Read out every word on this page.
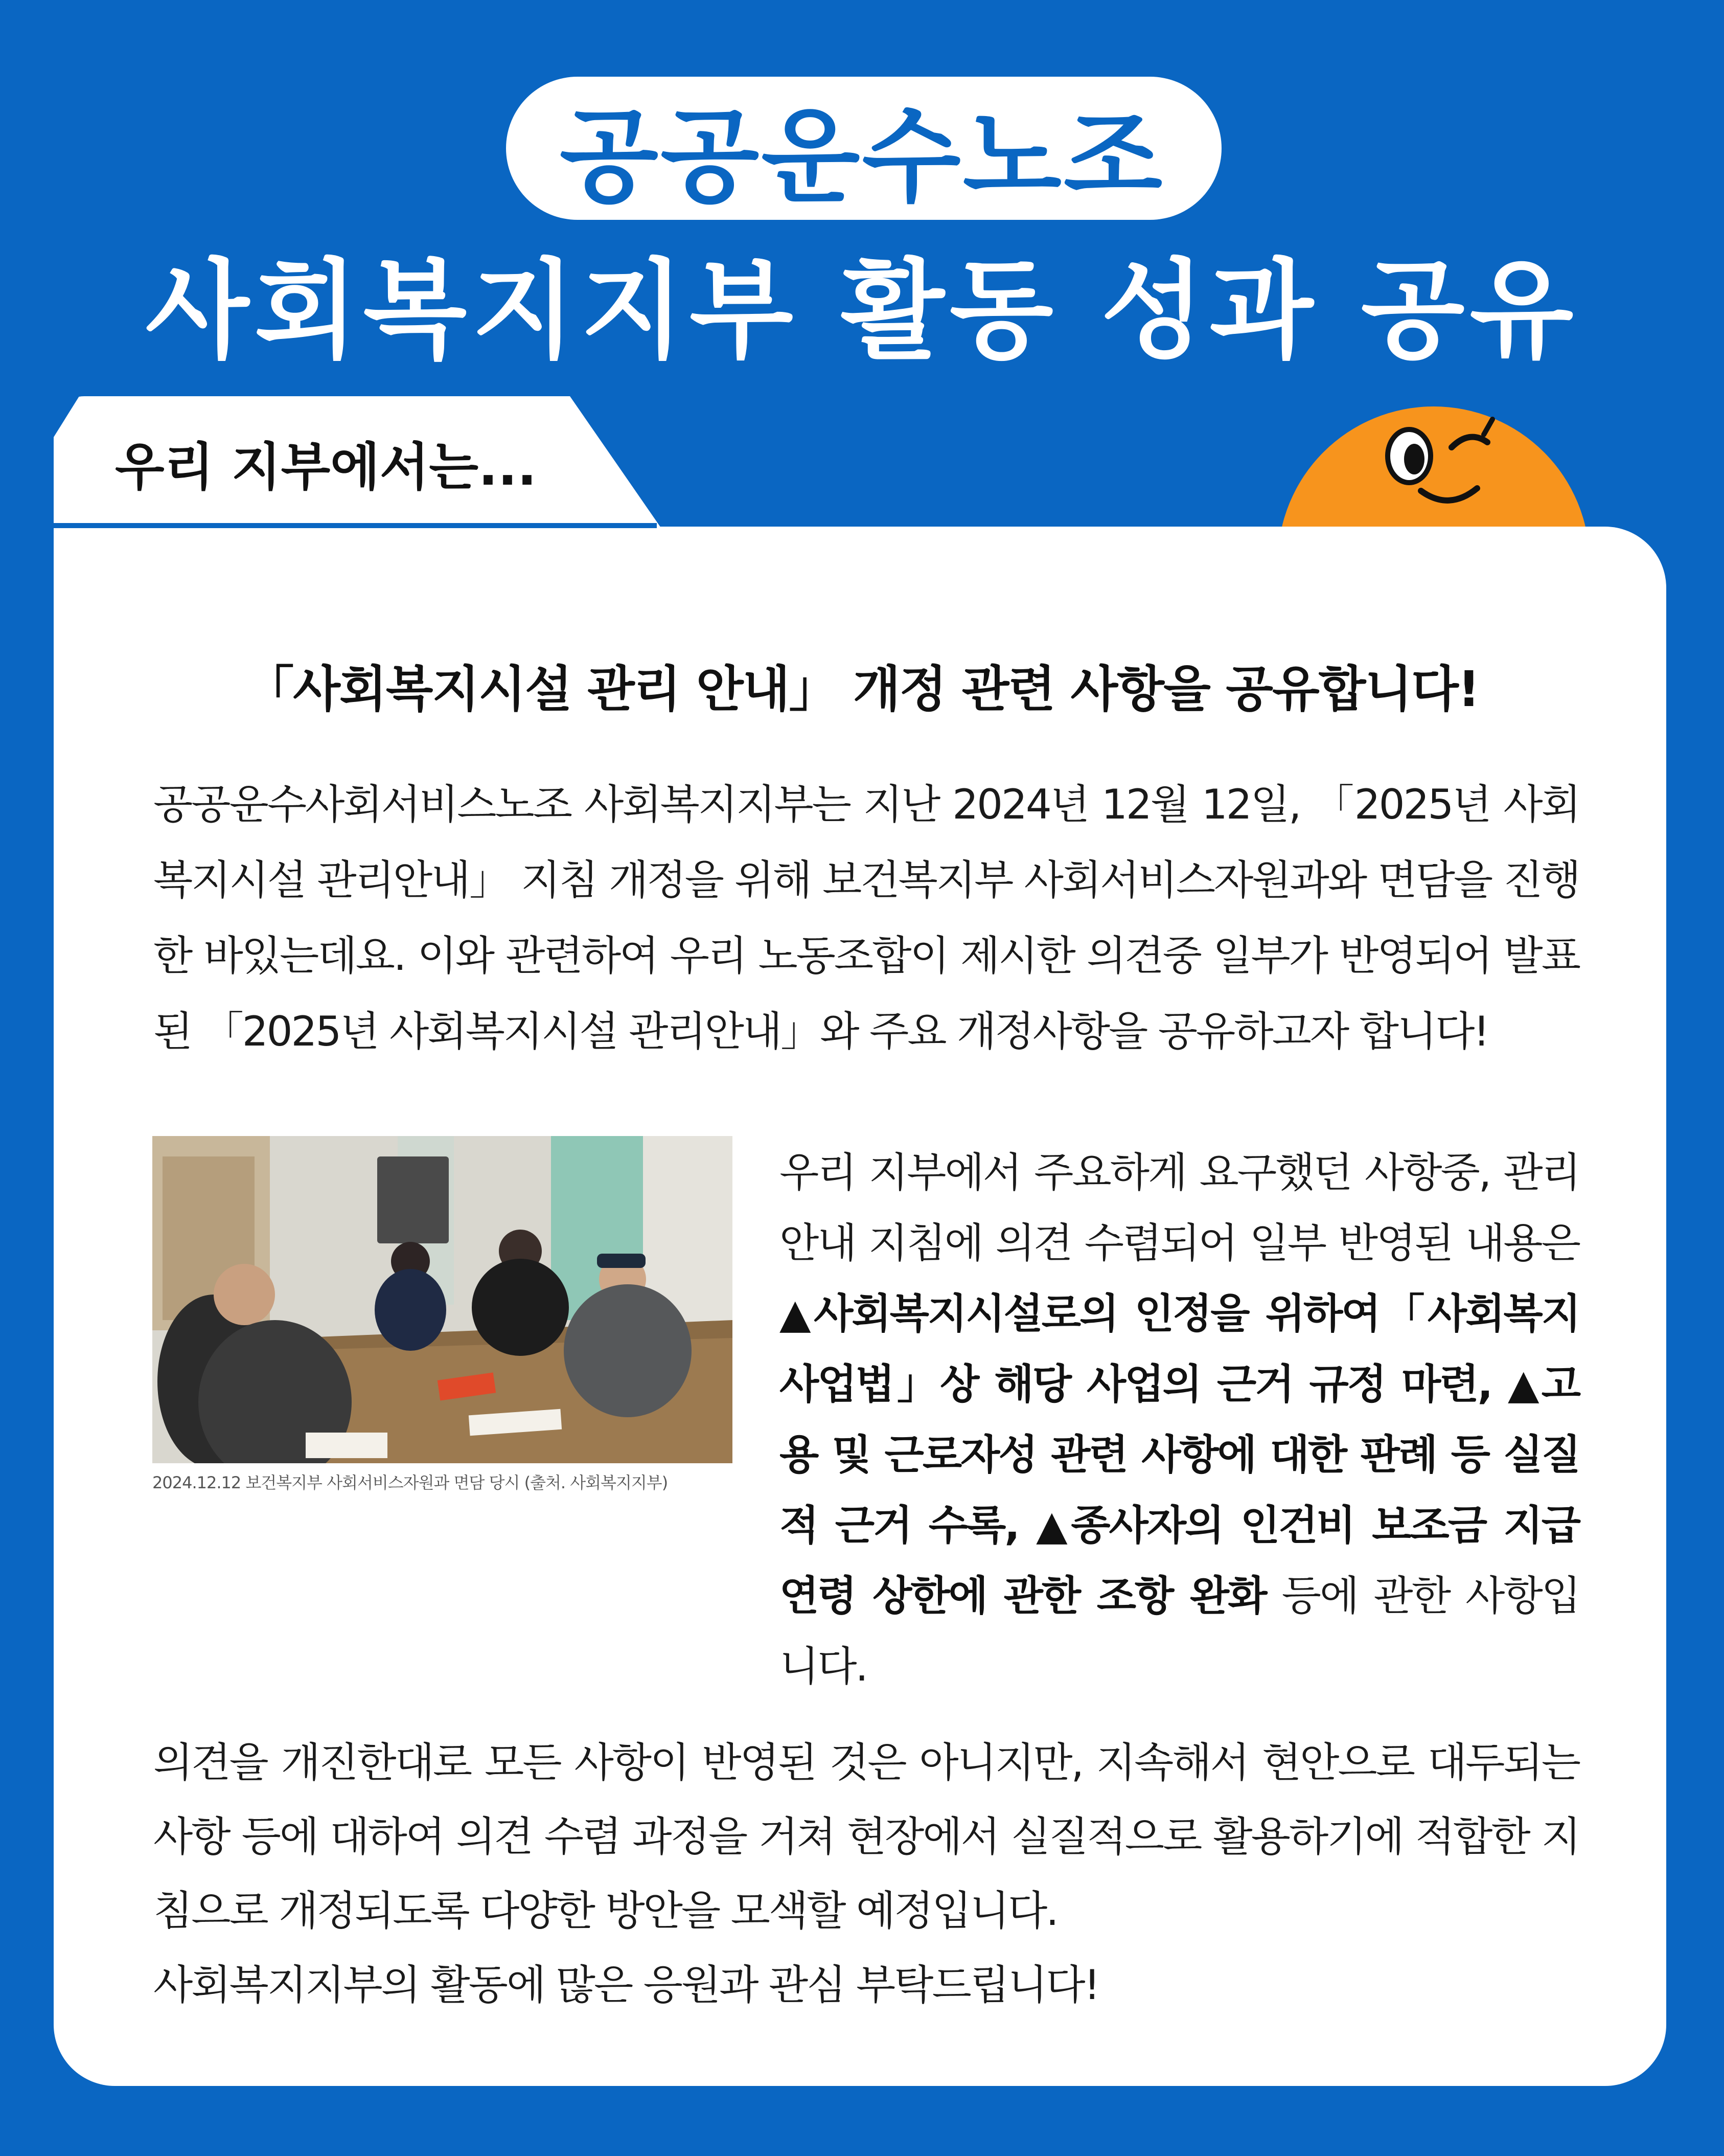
공공운수노조
사회복지지부 활동 성과 공유
우리 지부에서는...
「사회복지시설 관리 안내」 개정 관련 사항을 공유합니다!
공공운수사회서비스노조 사회복지지부는 지난 2024년 12월 12일, 「2025년 사회복지시설 관리안내」 지침 개정을 위해 보건복지부 사회서비스자원과와 면담을 진행한 바있는데요. 이와 관련하여 우리 노동조합이 제시한 의견중 일부가 반영되어 발표된 「2025년 사회복지시설 관리안내」와 주요 개정사항을 공유하고자 합니다!
2024.12.12 보건복지부 사회서비스자원과 면담 당시 (출처. 사회복지지부)
우리 지부에서 주요하게 요구했던 사항중, 관리 안내 지침에 의견 수렴되어 일부 반영된 내용은 ▲사회복지시설로의 인정을 위하여「사회복지사업법」상 해당 사업의 근거 규정 마련, ▲고용 및 근로자성 관련 사항에 대한 판례 등 실질적 근거 수록, ▲종사자의 인건비 보조금 지급 연령 상한에 관한 조항 완화 등에 관한 사항입니다.
의견을 개진한대로 모든 사항이 반영된 것은 아니지만, 지속해서 현안으로 대두되는 사항 등에 대하여 의견 수렴 과정을 거쳐 현장에서 실질적으로 활용하기에 적합한 지침으로 개정되도록 다양한 방안을 모색할 예정입니다.
사회복지지부의 활동에 많은 응원과 관심 부탁드립니다!
